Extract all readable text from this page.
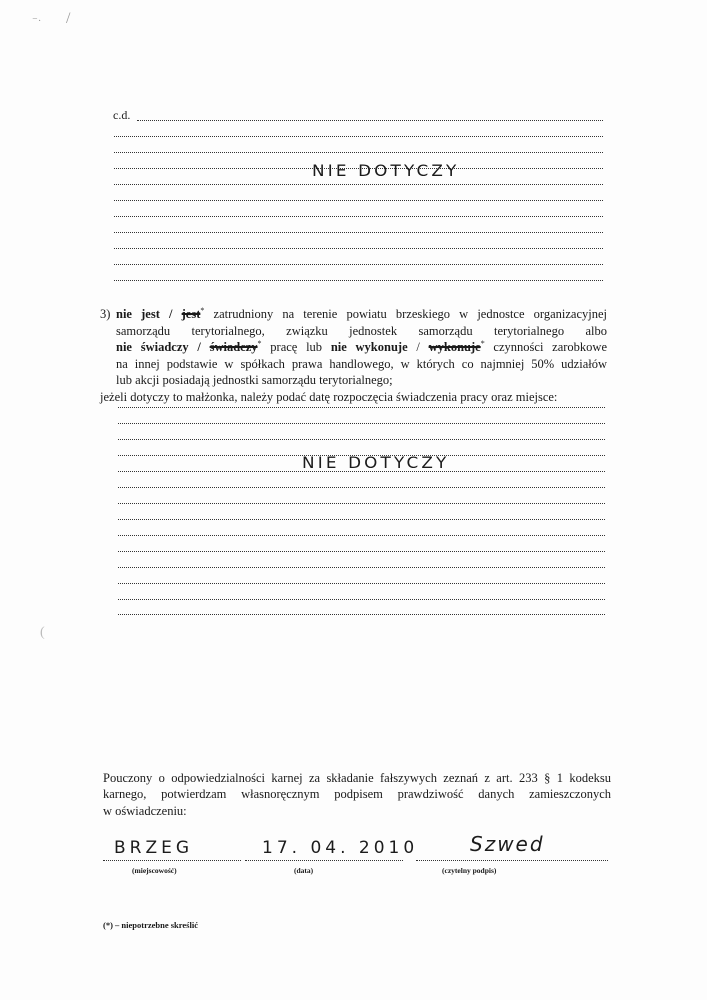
⁻· /
(
c.d.
NIE DOTYCZY
3) nie jest / jest* zatrudniony na terenie powiatu brzeskiego w jednostce organizacyjnej
samorządu terytorialnego, związku jednostek samorządu terytorialnego albo
nie świadczy / świadczy* pracę lub nie wykonuje / wykonuje* czynności zarobkowe
na innej podstawie w spółkach prawa handlowego, w których co najmniej 50% udziałów
lub akcji posiadają jednostki samorządu terytorialnego;
jeżeli dotyczy to małżonka, należy podać datę rozpoczęcia świadczenia pracy oraz miejsce:
NIE DOTYCZY
Pouczony o odpowiedzialności karnej za składanie fałszywych zeznań z art. 233 § 1 kodeksu
karnego, potwierdzam własnoręcznym podpisem prawdziwość danych zamieszczonych
w oświadczeniu:
BRZEG
(miejscowość)
17. 04. 2010
(data)
Szwed
(czytelny podpis)
(*) – niepotrzebne skreślić
